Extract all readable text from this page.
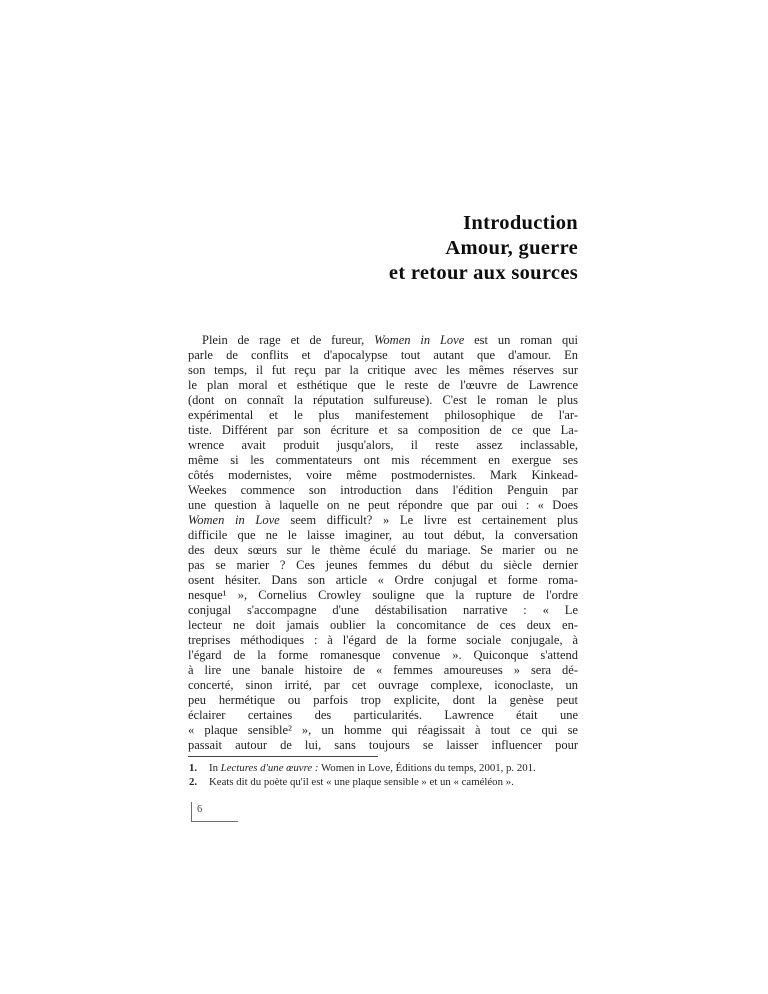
Introduction
Amour, guerre
et retour aux sources
Plein de rage et de fureur, Women in Love est un roman qui
parle de conflits et d'apocalypse tout autant que d'amour. En
son temps, il fut reçu par la critique avec les mêmes réserves sur
le plan moral et esthétique que le reste de l'œuvre de Lawrence
(dont on connaît la réputation sulfureuse). C'est le roman le plus
expérimental et le plus manifestement philosophique de l'ar-
tiste. Différent par son écriture et sa composition de ce que La-
wrence avait produit jusqu'alors, il reste assez inclassable,
même si les commentateurs ont mis récemment en exergue ses
côtés modernistes, voire même postmodernistes. Mark Kinkead-
Weekes commence son introduction dans l'édition Penguin par
une question à laquelle on ne peut répondre que par oui : « Does
Women in Love seem difficult? » Le livre est certainement plus
difficile que ne le laisse imaginer, au tout début, la conversation
des deux sœurs sur le thème éculé du mariage. Se marier ou ne
pas se marier ? Ces jeunes femmes du début du siècle dernier
osent hésiter. Dans son article « Ordre conjugal et forme roma-
nesque¹ », Cornelius Crowley souligne que la rupture de l'ordre
conjugal s'accompagne d'une déstabilisation narrative : « Le
lecteur ne doit jamais oublier la concomitance de ces deux en-
treprises méthodiques : à l'égard de la forme sociale conjugale, à
l'égard de la forme romanesque convenue ». Quiconque s'attend
à lire une banale histoire de « femmes amoureuses » sera dé-
concerté, sinon irrité, par cet ouvrage complexe, iconoclaste, un
peu hermétique ou parfois trop explicite, dont la genèse peut
éclairer certaines des particularités. Lawrence était une
« plaque sensible² », un homme qui réagissait à tout ce qui se
passait autour de lui, sans toujours se laisser influencer pour
1.	In Lectures d'une œuvre : Women in Love, Éditions du temps, 2001, p. 201.
2.	Keats dit du poète qu'il est « une plaque sensible » et un « caméléon ».
6
